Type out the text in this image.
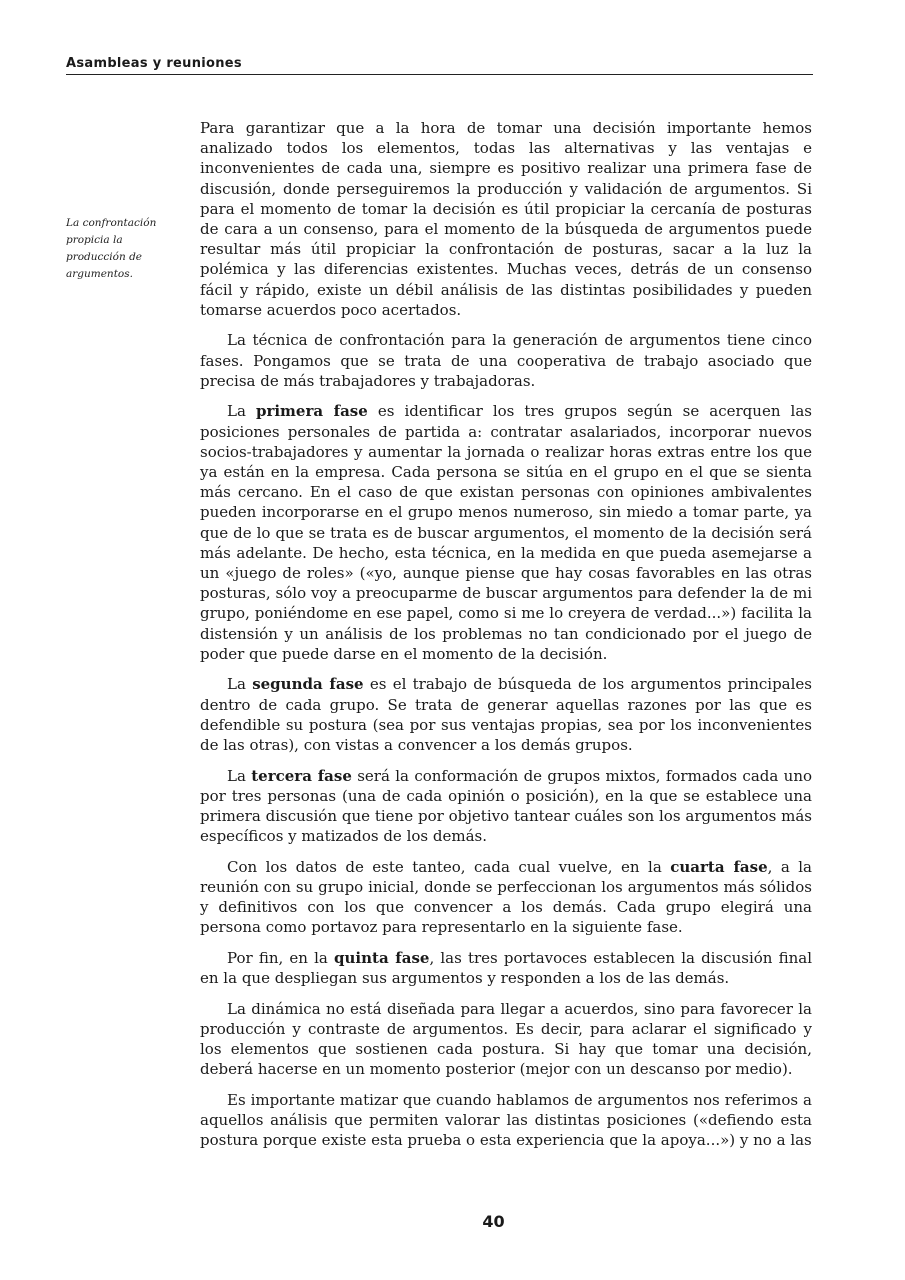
Asambleas y reuniones
La confrontación propicia la producción de argumentos.

Para garantizar que a la hora de tomar una decisión importante hemos analizado todos los elementos, todas las alternativas y las ventajas e inconvenientes de cada una, siempre es positivo realizar una primera fase de discusión, donde perseguiremos la producción y validación de argumentos. Si para el momento de tomar la decisión es útil propiciar la cercanía de posturas de cara a un consenso, para el momento de la búsqueda de argumentos puede resultar más útil propiciar la confrontación de posturas, sacar a la luz la polémica y las diferencias existentes. Muchas veces, detrás de un consenso fácil y rápido, existe un débil análisis de las distintas posibilidades y pueden tomarse acuerdos poco acertados.

La técnica de confrontación para la generación de argumentos tiene cinco fases. Pongamos que se trata de una cooperativa de trabajo asociado que precisa de más trabajadores y trabajadoras.

La primera fase es identificar los tres grupos según se acerquen las posiciones personales de partida a: contratar asalariados, incorporar nuevos socios-trabajadores y aumentar la jornada o realizar horas extras entre los que ya están en la empresa. Cada persona se sitúa en el grupo en el que se sienta más cercano. En el caso de que existan personas con opiniones ambivalentes pueden incorporarse en el grupo menos numeroso, sin miedo a tomar parte, ya que de lo que se trata es de buscar argumentos, el momento de la decisión será más adelante. De hecho, esta técnica, en la medida en que pueda asemejarse a un «juego de roles» («yo, aunque piense que hay cosas favorables en las otras posturas, sólo voy a preocuparme de buscar argumentos para defender la de mi grupo, poniéndome en ese papel, como si me lo creyera de verdad...») facilita la distensión y un análisis de los problemas no tan condicionado por el juego de poder que puede darse en el momento de la decisión.

La segunda fase es el trabajo de búsqueda de los argumentos principales dentro de cada grupo. Se trata de generar aquellas razones por las que es defendible su postura (sea por sus ventajas propias, sea por los inconvenientes de las otras), con vistas a convencer a los demás grupos.

La tercera fase será la conformación de grupos mixtos, formados cada uno por tres personas (una de cada opinión o posición), en la que se establece una primera discusión que tiene por objetivo tantear cuáles son los argumentos más específicos y matizados de los demás.

Con los datos de este tanteo, cada cual vuelve, en la cuarta fase, a la reunión con su grupo inicial, donde se perfeccionan los argumentos más sólidos y definitivos con los que convencer a los demás. Cada grupo elegirá una persona como portavoz para representarlo en la siguiente fase.

Por fin, en la quinta fase, las tres portavoces establecen la discusión final en la que despliegan sus argumentos y responden a los de las demás.

La dinámica no está diseñada para llegar a acuerdos, sino para favorecer la producción y contraste de argumentos. Es decir, para aclarar el significado y los elementos que sostienen cada postura. Si hay que tomar una decisión, deberá hacerse en un momento posterior (mejor con un descanso por medio).

Es importante matizar que cuando hablamos de argumentos nos referimos a aquellos análisis que permiten valorar las distintas posiciones («defiendo esta postura porque existe esta prueba o esta experiencia que la apoya...») y no a las

40
